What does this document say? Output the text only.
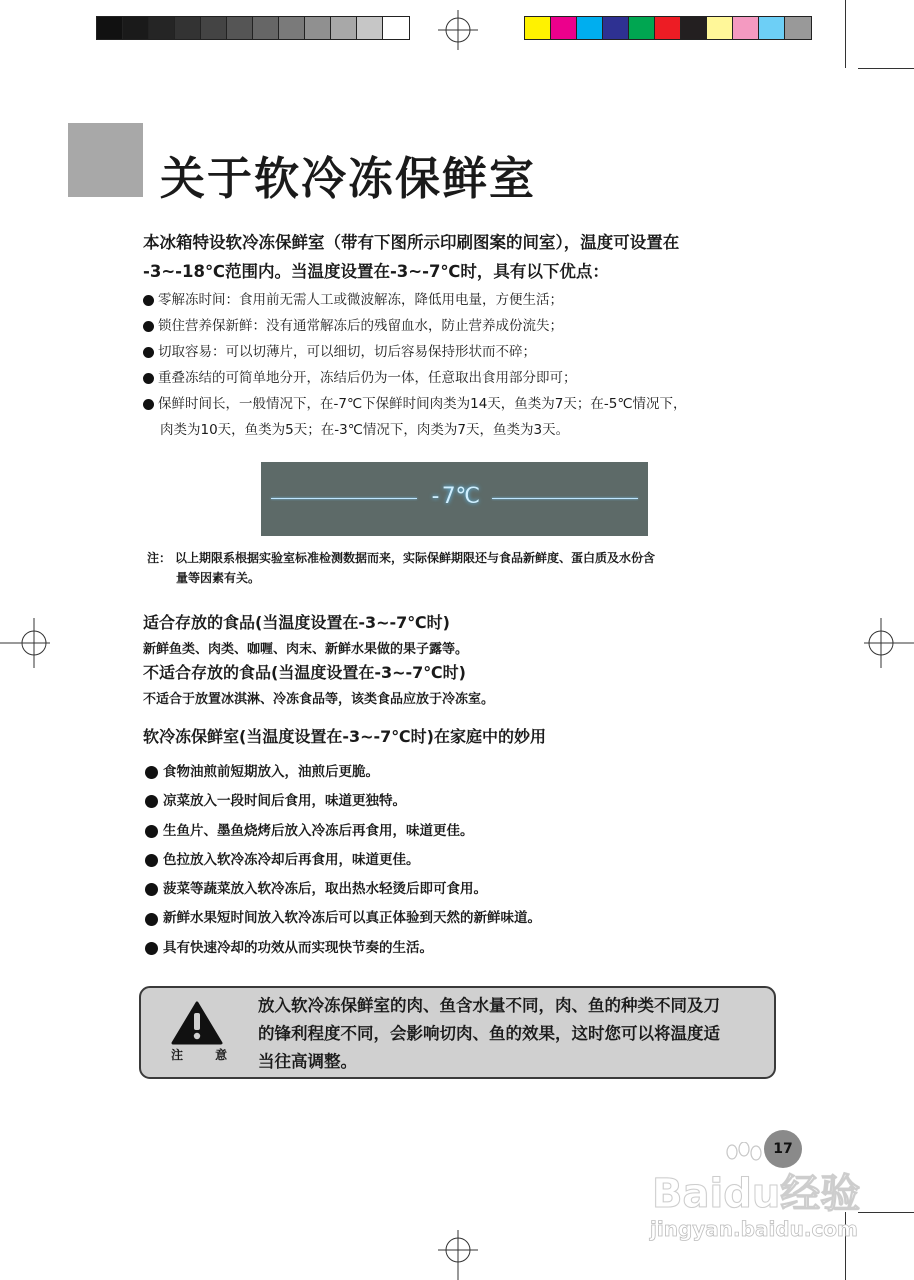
关于软冷冻保鲜室
本冰箱特设软冷冻保鲜室（带有下图所示印刷图案的间室），温度可设置在
-3~-18℃范围内。当温度设置在-3~-7℃时，具有以下优点：
零解冻时间：食用前无需人工或微波解冻，降低用电量，方便生活；
锁住营养保新鲜：没有通常解冻后的残留血水，防止营养成份流失；
切取容易：可以切薄片，可以细切，切后容易保持形状而不碎；
重叠冻结的可简单地分开，冻结后仍为一体，任意取出食用部分即可；
保鲜时间长，一般情况下，在-7℃下保鲜时间肉类为14天，鱼类为7天；在-5℃情况下，
肉类为10天，鱼类为5天；在-3℃情况下，肉类为7天，鱼类为3天。
-7℃
注： 以上期限系根据实验室标准检测数据而来，实际保鲜期限还与食品新鲜度、蛋白质及水份含
量等因素有关。
适合存放的食品(当温度设置在-3~-7℃时)
新鲜鱼类、肉类、咖喱、肉末、新鲜水果做的果子露等。
不适合存放的食品(当温度设置在-3~-7℃时)
不适合于放置冰淇淋、冷冻食品等，该类食品应放于冷冻室。
软冷冻保鲜室(当温度设置在-3~-7℃时)在家庭中的妙用
食物油煎前短期放入，油煎后更脆。
凉菜放入一段时间后食用，味道更独特。
生鱼片、墨鱼烧烤后放入冷冻后再食用，味道更佳。
色拉放入软冷冻冷却后再食用，味道更佳。
菠菜等蔬菜放入软冷冻后，取出热水轻烫后即可食用。
新鲜水果短时间放入软冷冻后可以真正体验到天然的新鲜味道。
具有快速冷却的功效从而实现快节奏的生活。
注 意
放入软冷冻保鲜室的肉、鱼含水量不同，肉、鱼的种类不同及刀
的锋利程度不同，会影响切肉、鱼的效果，这时您可以将温度适
当往高调整。
17
Baidu经验
jingyan.baidu.com
